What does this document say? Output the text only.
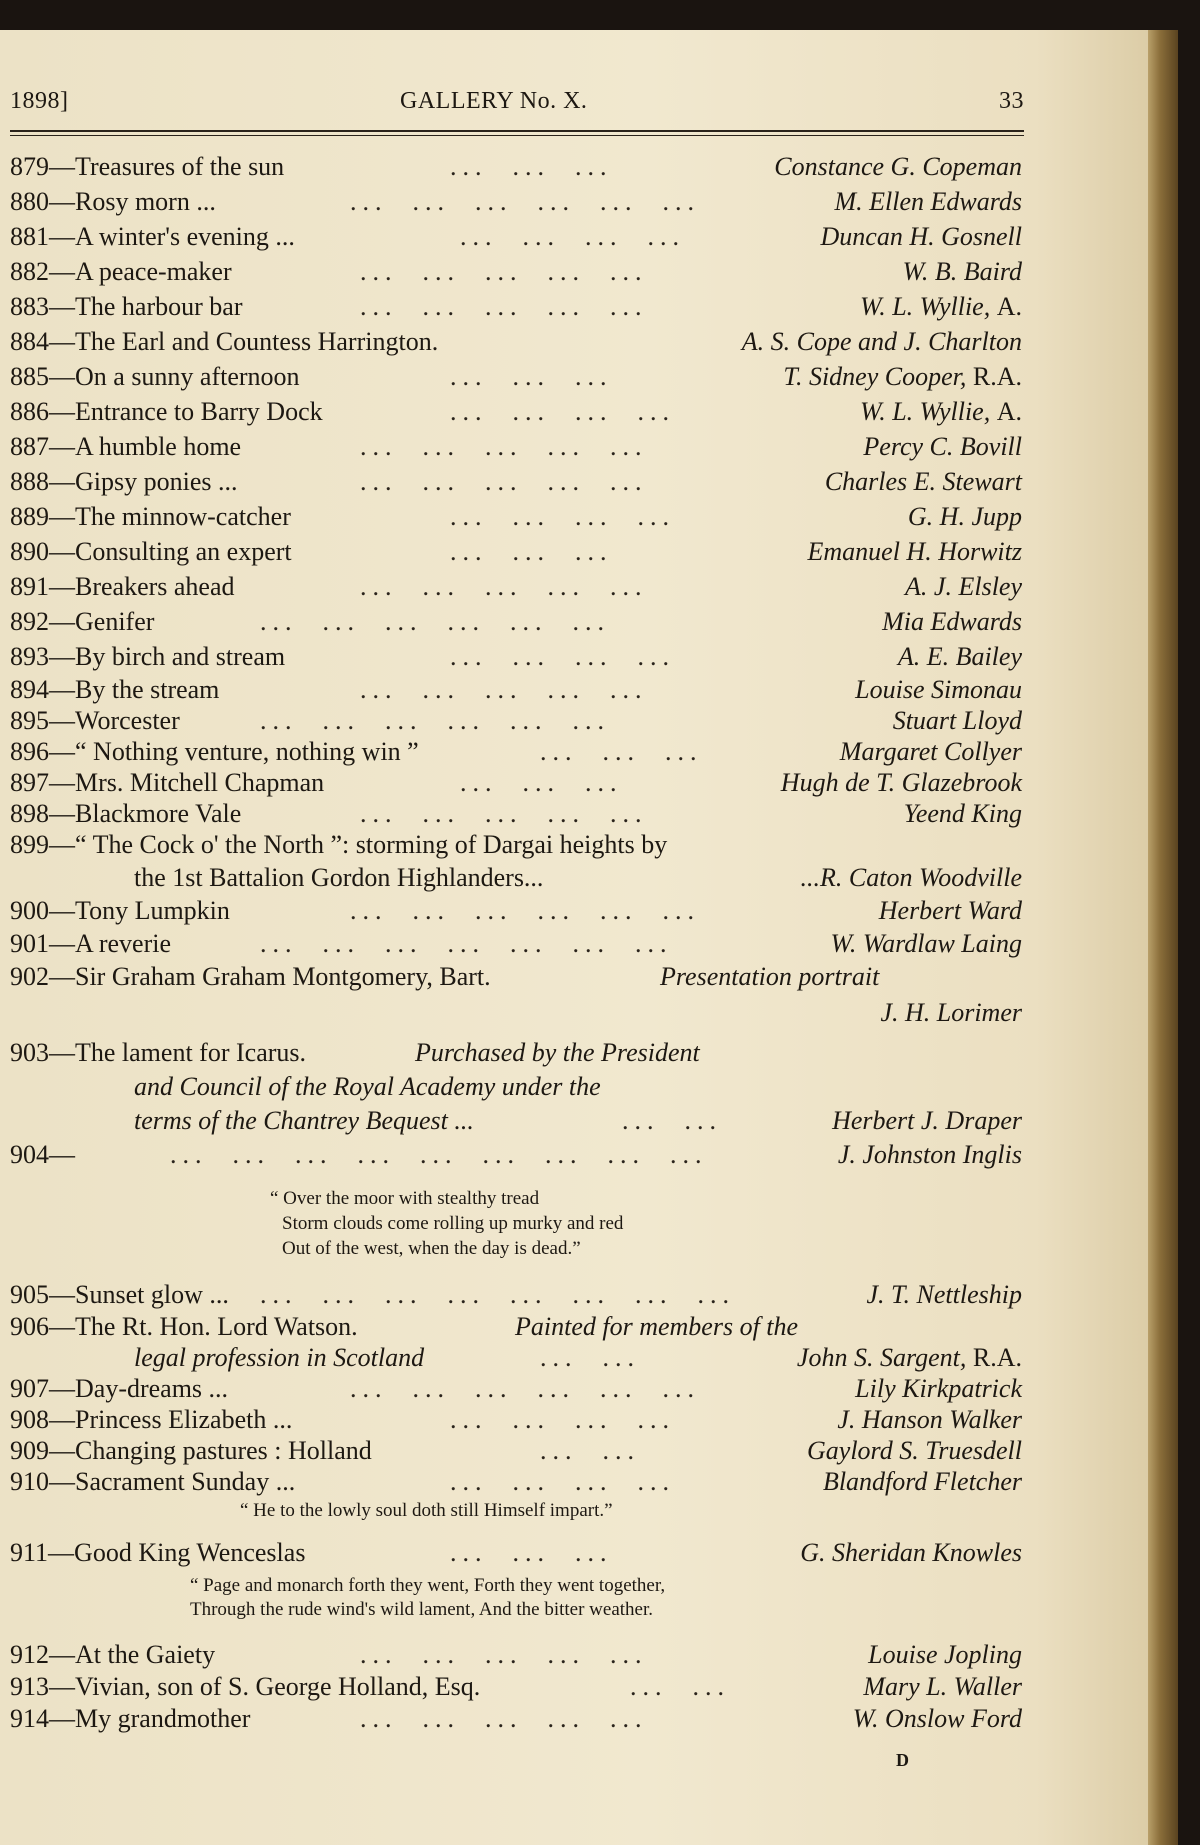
1898]	GALLERY No. X.	33
879—Treasures of the sun	...  ...  ...	Constance G. Copeman
880—Rosy morn ...	...  ...  ...  ...  ...  ...	M. Ellen Edwards
881—A winter's evening ...	...  ...  ...  ...	Duncan H. Gosnell
882—A peace-maker	...  ...  ...  ...  ...	W. B. Baird
883—The harbour bar	...  ...  ...  ...  ...	W. L. Wyllie, A.
884—The Earl and Countess Harrington.	A. S. Cope and J. Charlton
885—On a sunny afternoon	...  ...  ...	T. Sidney Cooper, R.A.
886—Entrance to Barry Dock	...  ...  ...  ...	W. L. Wyllie, A.
887—A humble home	...  ...  ...  ...  ...	Percy C. Bovill
888—Gipsy ponies ...	...  ...  ...  ...  ...	Charles E. Stewart
889—The minnow-catcher	...  ...  ...  ...	G. H. Jupp
890—Consulting an expert	...  ...  ...	Emanuel H. Horwitz
891—Breakers ahead	...  ...  ...  ...  ...	A. J. Elsley
892—Genifer	...  ...  ...  ...  ...  ...	Mia Edwards
893—By birch and stream	...  ...  ...  ...	A. E. Bailey
894—By the stream	...  ...  ...  ...  ...	Louise Simonau
895—Worcester	...  ...  ...  ...  ...  ...	Stuart Lloyd
896—“ Nothing venture, nothing win ”	...  ...  ...	Margaret Collyer
897—Mrs. Mitchell Chapman	...  ...  ...	Hugh de T. Glazebrook
898—Blackmore Vale	...  ...  ...  ...  ...	Yeend King
899—“ The Cock o' the North ”: storming of Dargai heights by
the 1st Battalion Gordon Highlanders...	...R. Caton Woodville
900—Tony Lumpkin	...  ...  ...  ...  ...  ...	Herbert Ward
901—A reverie	...  ...  ...  ...  ...  ...  ...	W. Wardlaw Laing
902—Sir Graham Graham Montgomery, Bart.	Presentation portrait
J. H. Lorimer
903—The lament for Icarus.	Purchased by the President
and Council of the Royal Academy under the
terms of the Chantrey Bequest ...	...  ...	Herbert J. Draper
904—	...  ...  ...  ...  ...  ...  ...  ...  ...	J. Johnston Inglis
“ Over the moor with stealthy tread
Storm clouds come rolling up murky and red
Out of the west, when the day is dead.”
905—Sunset glow ... ...  ...  ...  ...  ...  ...  ...  ...	J. T. Nettleship
906—The Rt. Hon. Lord Watson.	Painted for members of the
legal profession in Scotland	...  ...	John S. Sargent, R.A.
907—Day-dreams ...	...  ...  ...  ...  ...  ...	Lily Kirkpatrick
908—Princess Elizabeth ...	...  ...  ...  ...	J. Hanson Walker
909—Changing pastures : Holland	...  ...	Gaylord S. Truesdell
910—Sacrament Sunday ...	...  ...  ...  ...	Blandford Fletcher
“ He to the lowly soul doth still Himself impart.”
911—Good King Wenceslas	...  ...  ...	G. Sheridan Knowles
“ Page and monarch forth they went, Forth they went together,
Through the rude wind's wild lament, And the bitter weather.
912—At the Gaiety	...  ...  ...  ...  ...	Louise Jopling
913—Vivian, son of S. George Holland, Esq.	...  ...	Mary L. Waller
914—My grandmother	...  ...  ...  ...  ...	W. Onslow Ford
D
